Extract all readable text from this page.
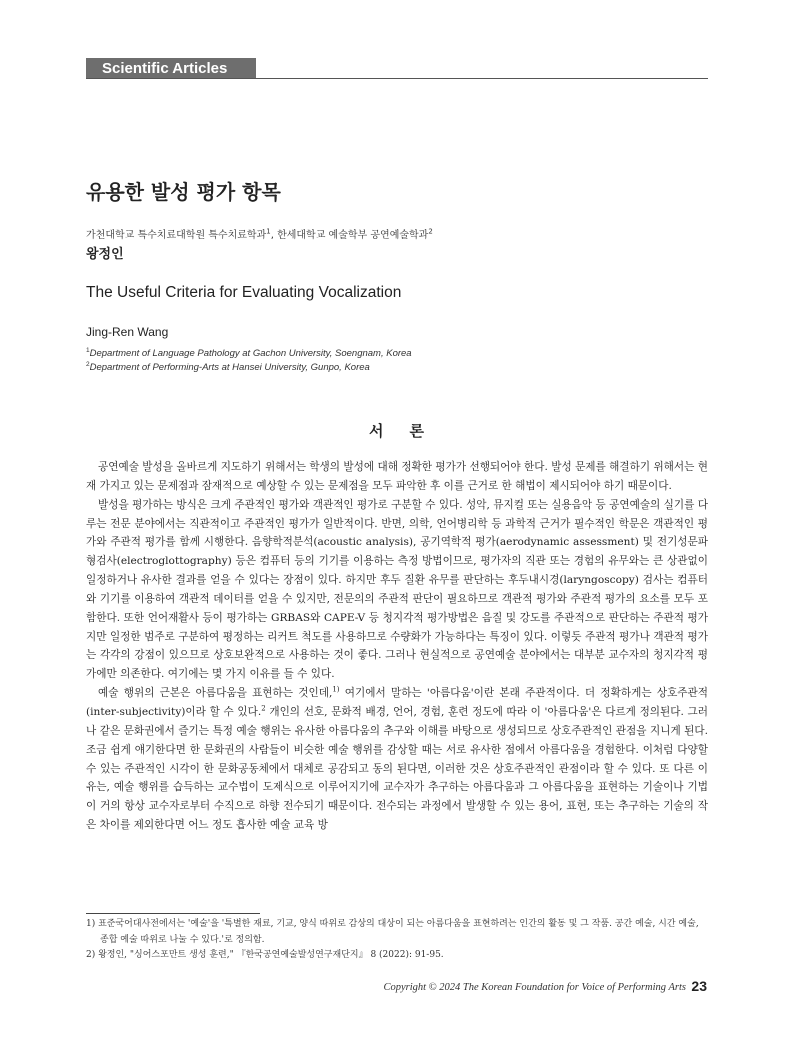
Scientific Articles
유용한 발성 평가 항목
가천대학교 특수치료대학원 특수치료학과$^1$, 한세대학교 예술학부 공연예술학과$^2$
왕정인
The Useful Criteria for Evaluating Vocalization
Jing-Ren Wang
$^1$Department of Language Pathology at Gachon University, Soengnam, Korea
$^2$Department of Performing-Arts at Hansei University, Gunpo, Korea
서론

공연예술 발성을 올바르게 지도하기 위해서는 학생의 발성에 대해 정확한 평가가 선행되어야 한다. 발성 문제를 해결하기 위해서는 현재 가지고 있는 문제점과 잠재적으로 예상할 수 있는 문제점을 모두 파악한 후 이를 근거로 한 해법이 제시되어야 하기 때문이다.

발성을 평가하는 방식은 크게 주관적인 평가와 객관적인 평가로 구분할 수 있다. 성악, 뮤지컬 또는 실용음악 등 공연예술의 실기를 다루는 전문 분야에서는 직관적이고 주관적인 평가가 일반적이다. 반면, 의학, 언어병리학 등 과학적 근거가 필수적인 학문은 객관적인 평가와 주관적 평가를 함께 시행한다. 음향학적분석(acoustic analysis), 공기역학적 평가(aerodynamic assessment) 및 전기성문파형검사(electroglottography) 등은 컴퓨터 등의 기기를 이용하는 측정 방법이므로, 평가자의 직관 또는 경험의 유무와는 큰 상관없이 일정하거나 유사한 결과를 얻을 수 있다는 장점이 있다. 하지만 후두 질환 유무를 판단하는 후두내시경(laryngoscopy) 검사는 컴퓨터와 기기를 이용하여 객관적 데이터를 얻을 수 있지만, 전문의의 주관적 판단이 필요하므로 객관적 평가와 주관적 평가의 요소를 모두 포함한다. 또한 언어재활사 등이 평가하는 GRBAS와 CAPE-V 등 청지각적 평가방법은 음질 및 강도를 주관적으로 판단하는 주관적 평가지만 일정한 범주로 구분하여 평정하는 리커트 척도를 사용하므로 수량화가 가능하다는 특징이 있다. 이렇듯 주관적 평가나 객관적 평가는 각각의 강점이 있으므로 상호보완적으로 사용하는 것이 좋다. 그러나 현실적으로 공연예술 분야에서는 대부분 교수자의 청지각적 평가에만 의존한다. 여기에는 몇 가지 이유를 들 수 있다.

예술 행위의 근본은 아름다움을 표현하는 것인데,$^{1)}$ 여기에서 말하는 '아름다움'이란 본래 주관적이다. 더 정확하게는 상호주관적(inter-subjectivity)이라 할 수 있다.$^2$ 개인의 선호, 문화적 배경, 언어, 경험, 훈련 정도에 따라 이 '아름다움'은 다르게 정의된다. 그러나 같은 문화권에서 즐기는 특정 예술 행위는 유사한 아름다움의 추구와 이해를 바탕으로 생성되므로 상호주관적인 관점을 지니게 된다. 조금 쉽게 얘기한다면 한 문화권의 사람들이 비슷한 예술 행위를 감상할 때는 서로 유사한 점에서 아름다움을 경험한다. 이처럼 다양할 수 있는 주관적인 시각이 한 문화공동체에서 대체로 공감되고 동의 된다면, 이러한 것은 상호주관적인 관점이라 할 수 있다. 또 다른 이유는, 예술 행위를 습득하는 교수법이 도제식으로 이루어지기에 교수자가 추구하는 아름다움과 그 아름다움을 표현하는 기술이나 기법이 거의 항상 교수자로부터 수직으로 하향 전수되기 때문이다. 전수되는 과정에서 발생할 수 있는 용어, 표현, 또는 추구하는 기술의 작은 차이를 제외한다면 어느 정도 흡사한 예술 교육 방

1) 표준국어대사전에서는 '예술'을 '특별한 재료, 기교, 양식 따위로 감상의 대상이 되는 아름다움을 표현하려는 인간의 활동 및 그 작품. 공간 예술, 시간 예술, 종합 예술 따위로 나눌 수 있다.'로 정의함.
2) 왕정인, "싱어스포만트 생성 훈련," 『한국공연예술발성연구재단지』 8 (2022): 91-95.
Copyright © 2024 The Korean Foundation for Voice of Performing Arts 23
